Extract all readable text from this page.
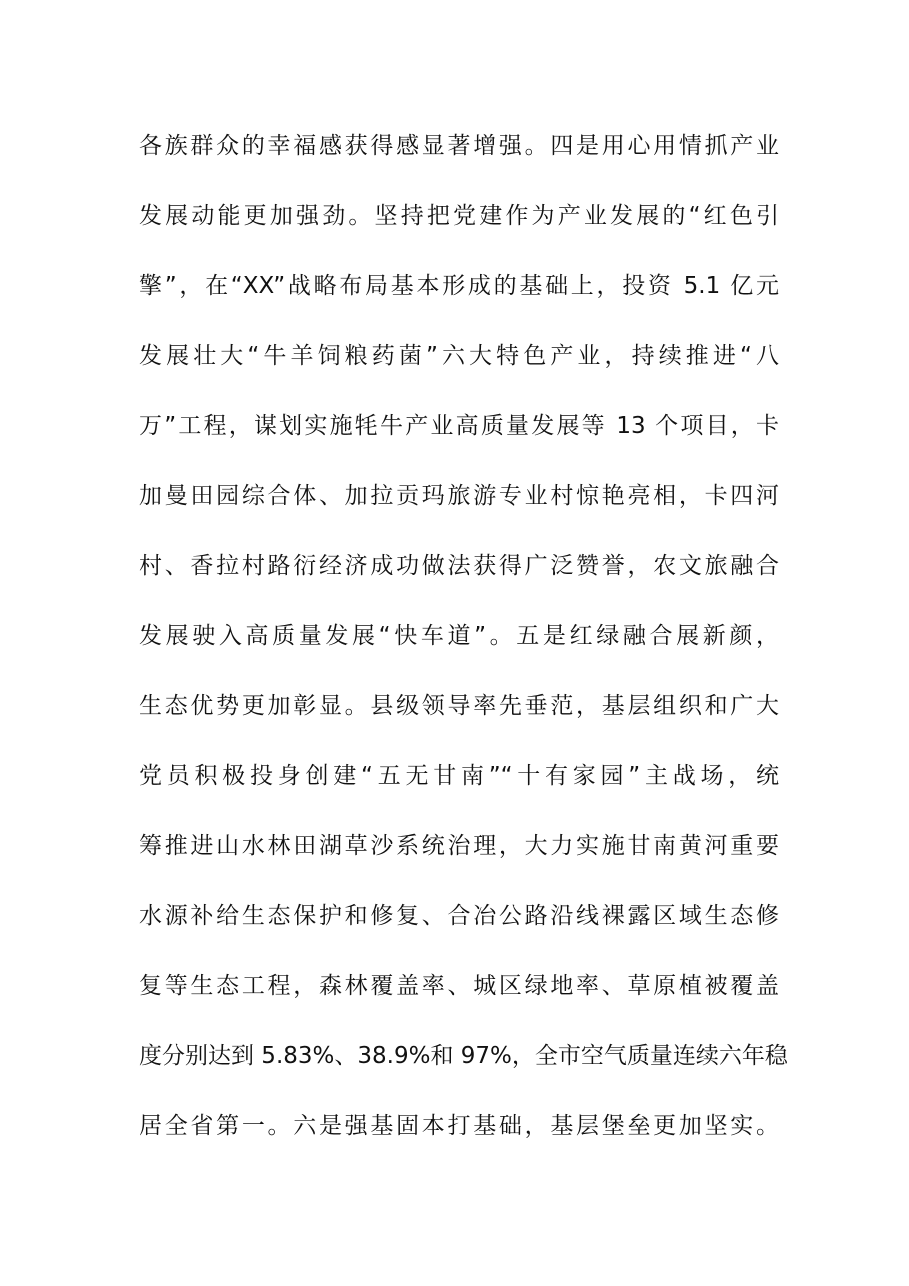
各族群众的幸福感获得感显著增强。四是用心用情抓产业
发展动能更加强劲。坚持把党建作为产业发展的“红色引
擎”，在“XX”战略布局基本形成的基础上，投资 5.1 亿元
发展壮大“牛羊饲粮药菌”六大特色产业，持续推进“八
万”工程，谋划实施牦牛产业高质量发展等 13 个项目，卡
加曼田园综合体、加拉贡玛旅游专业村惊艳亮相，卡四河
村、香拉村路衍经济成功做法获得广泛赞誉，农文旅融合
发展驶入高质量发展“快车道”。五是红绿融合展新颜，
生态优势更加彰显。县级领导率先垂范，基层组织和广大
党员积极投身创建“五无甘南”“十有家园”主战场，统
筹推进山水林田湖草沙系统治理，大力实施甘南黄河重要
水源补给生态保护和修复、合冶公路沿线裸露区域生态修
复等生态工程，森林覆盖率、城区绿地率、草原植被覆盖
度分别达到 5.83%、38.9%和 97%，全市空气质量连续六年稳
居全省第一。六是强基固本打基础，基层堡垒更加坚实。
